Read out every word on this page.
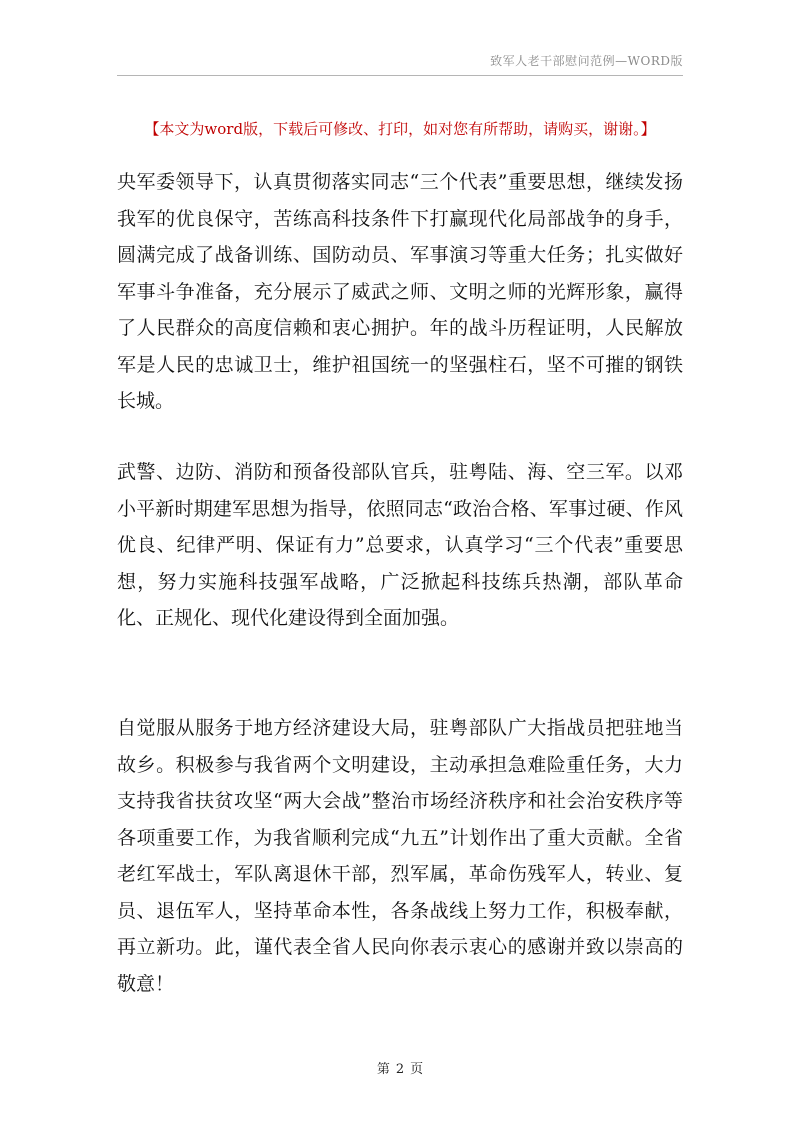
致军人老干部慰问范例—WORD版
【本文为word版，下载后可修改、打印，如对您有所帮助，请购买，谢谢。】
央军委领导下，认真贯彻落实同志“三个代表”重要思想，继续发扬我军的优良保守，苦练高科技条件下打赢现代化局部战争的身手，圆满完成了战备训练、国防动员、军事演习等重大任务；扎实做好军事斗争准备，充分展示了威武之师、文明之师的光辉形象，赢得了人民群众的高度信赖和衷心拥护。年的战斗历程证明，人民解放军是人民的忠诚卫士，维护祖国统一的坚强柱石，坚不可摧的钢铁长城。
武警、边防、消防和预备役部队官兵，驻粤陆、海、空三军。以邓小平新时期建军思想为指导，依照同志“政治合格、军事过硬、作风优良、纪律严明、保证有力”总要求，认真学习“三个代表”重要思想，努力实施科技强军战略，广泛掀起科技练兵热潮，部队革命化、正规化、现代化建设得到全面加强。
自觉服从服务于地方经济建设大局，驻粤部队广大指战员把驻地当故乡。积极参与我省两个文明建设，主动承担急难险重任务，大力支持我省扶贫攻坚“两大会战”整治市场经济秩序和社会治安秩序等各项重要工作，为我省顺利完成“九五”计划作出了重大贡献。全省老红军战士，军队离退休干部，烈军属，革命伤残军人，转业、复员、退伍军人，坚持革命本性，各条战线上努力工作，积极奉献，再立新功。此，谨代表全省人民向你表示衷心的感谢并致以崇高的敬意！
第 2 页
